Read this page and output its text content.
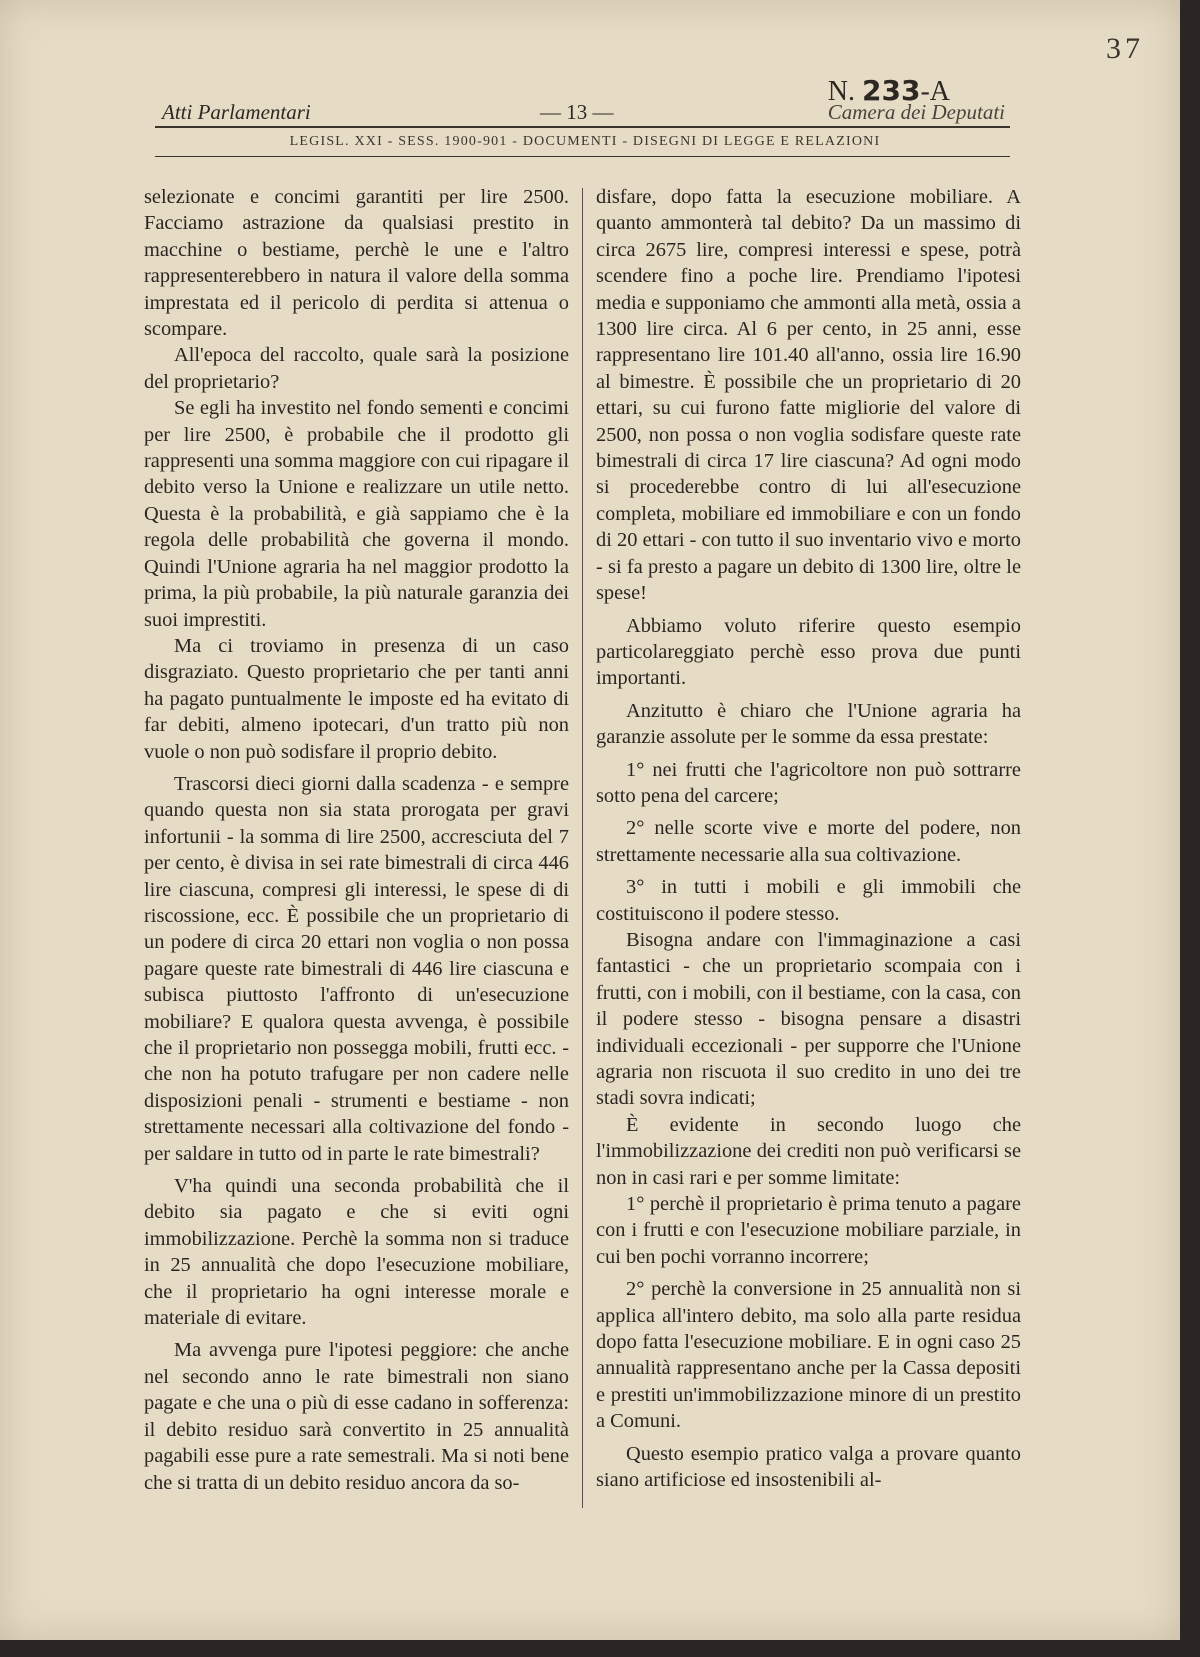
37
N. 233-A
Atti Parlamentari	— 13 —	Camera dei Deputati
LEGISL. XXI - SESS. 1900-901 - DOCUMENTI - DISEGNI DI LEGGE E RELAZIONI

selezionate e concimi garantiti per lire 2500. Facciamo astrazione da qualsiasi prestito in macchine o bestiame, perchè le une e l'altro rappresenterebbero in natura il valore della somma imprestata ed il pericolo di perdita si attenua o scompare.

All'epoca del raccolto, quale sarà la posizione del proprietario?

Se egli ha investito nel fondo sementi e concimi per lire 2500, è probabile che il prodotto gli rappresenti una somma maggiore con cui ripagare il debito verso la Unione e realizzare un utile netto. Questa è la probabilità, e già sappiamo che è la regola delle probabilità che governa il mondo. Quindi l'Unione agraria ha nel maggior prodotto la prima, la più probabile, la più naturale garanzia dei suoi imprestiti.

Ma ci troviamo in presenza di un caso disgraziato. Questo proprietario che per tanti anni ha pagato puntualmente le imposte ed ha evitato di far debiti, almeno ipotecari, d'un tratto più non vuole o non può sodisfare il proprio debito.

Trascorsi dieci giorni dalla scadenza - e sempre quando questa non sia stata prorogata per gravi infortunii - la somma di lire 2500, accresciuta del 7 per cento, è divisa in sei rate bimestrali di circa 446 lire ciascuna, compresi gli interessi, le spese di di riscossione, ecc. È possibile che un proprietario di un podere di circa 20 ettari non voglia o non possa pagare queste rate bimestrali di 446 lire ciascuna e subisca piuttosto l'affronto di un'esecuzione mobiliare? E qualora questa avvenga, è possibile che il proprietario non possegga mobili, frutti ecc. - che non ha potuto trafugare per non cadere nelle disposizioni penali - strumenti e bestiame - non strettamente necessari alla coltivazione del fondo - per saldare in tutto od in parte le rate bimestrali?

V'ha quindi una seconda probabilità che il debito sia pagato e che si eviti ogni immobilizzazione. Perchè la somma non si traduce in 25 annualità che dopo l'esecuzione mobiliare, che il proprietario ha ogni interesse morale e materiale di evitare.

Ma avvenga pure l'ipotesi peggiore: che anche nel secondo anno le rate bimestrali non siano pagate e che una o più di esse cadano in sofferenza: il debito residuo sarà convertito in 25 annualità pagabili esse pure a rate semestrali. Ma si noti bene che si tratta di un debito residuo ancora da so-

disfare, dopo fatta la esecuzione mobiliare. A quanto ammonterà tal debito? Da un massimo di circa 2675 lire, compresi interessi e spese, potrà scendere fino a poche lire. Prendiamo l'ipotesi media e supponiamo che ammonti alla metà, ossia a 1300 lire circa. Al 6 per cento, in 25 anni, esse rappresentano lire 101.40 all'anno, ossia lire 16.90 al bimestre. È possibile che un proprietario di 20 ettari, su cui furono fatte migliorie del valore di 2500, non possa o non voglia sodisfare queste rate bimestrali di circa 17 lire ciascuna? Ad ogni modo si procederebbe contro di lui all'esecuzione completa, mobiliare ed immobiliare e con un fondo di 20 ettari - con tutto il suo inventario vivo e morto - si fa presto a pagare un debito di 1300 lire, oltre le spese!

Abbiamo voluto riferire questo esempio particolareggiato perchè esso prova due punti importanti.

Anzitutto è chiaro che l'Unione agraria ha garanzie assolute per le somme da essa prestate:

1° nei frutti che l'agricoltore non può sottrarre sotto pena del carcere;

2° nelle scorte vive e morte del podere, non strettamente necessarie alla sua coltivazione.

3° in tutti i mobili e gli immobili che costituiscono il podere stesso.

Bisogna andare con l'immaginazione a casi fantastici - che un proprietario scompaia con i frutti, con i mobili, con il bestiame, con la casa, con il podere stesso - bisogna pensare a disastri individuali eccezionali - per supporre che l'Unione agraria non riscuota il suo credito in uno dei tre stadi sovra indicati;

È evidente in secondo luogo che l'immobilizzazione dei crediti non può verificarsi se non in casi rari e per somme limitate:

1° perchè il proprietario è prima tenuto a pagare con i frutti e con l'esecuzione mobiliare parziale, in cui ben pochi vorranno incorrere;

2° perchè la conversione in 25 annualità non si applica all'intero debito, ma solo alla parte residua dopo fatta l'esecuzione mobiliare. E in ogni caso 25 annualità rappresentano anche per la Cassa depositi e prestiti un'immobilizzazione minore di un prestito a Comuni.

Questo esempio pratico valga a provare quanto siano artificiose ed insostenibili al-
